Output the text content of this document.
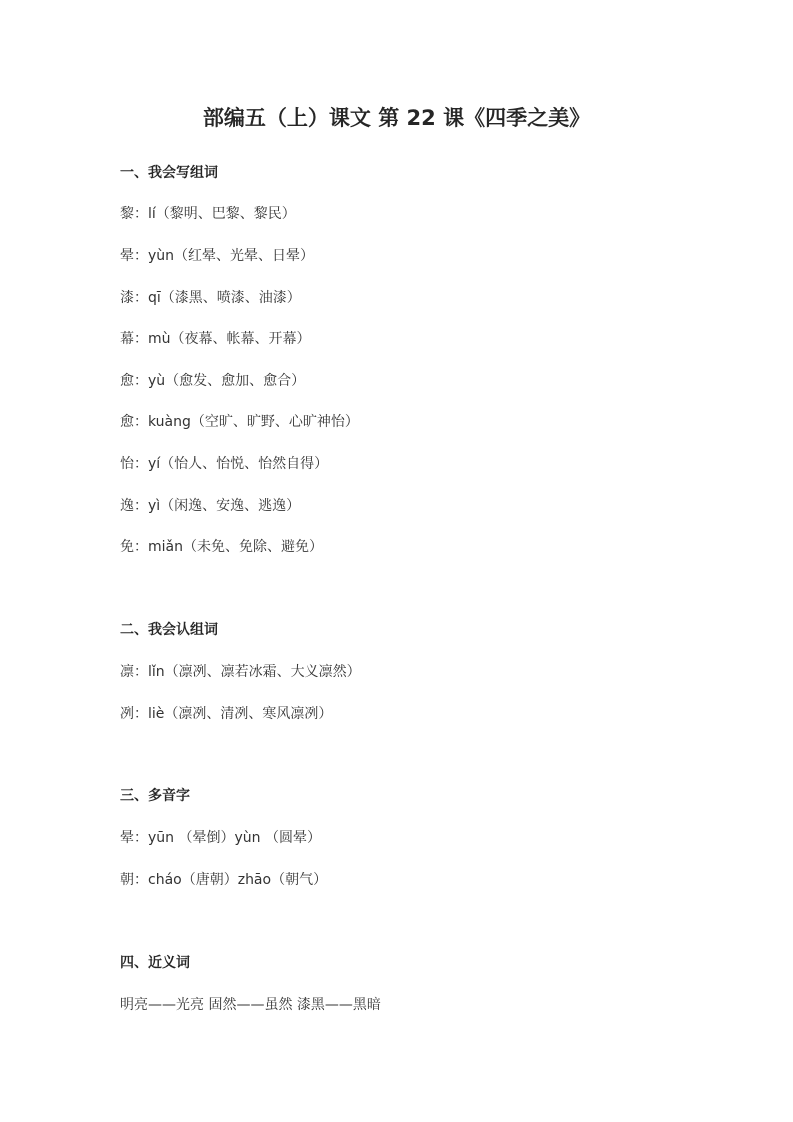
部编五（上）课文 第 22 课《四季之美》
一、我会写组词
黎：lí（黎明、巴黎、黎民）
晕：yùn（红晕、光晕、日晕）
漆：qī（漆黑、喷漆、油漆）
幕：mù（夜幕、帐幕、开幕）
愈：yù（愈发、愈加、愈合）
愈：kuàng（空旷、旷野、心旷神怡）
怡：yí（怡人、怡悦、怡然自得）
逸：yì（闲逸、安逸、逃逸）
免：miǎn（未免、免除、避免）
二、我会认组词
凛：lǐn（凛冽、凛若冰霜、大义凛然）
冽：liè（凛冽、清冽、寒风凛冽）
三、多音字
晕：yūn （晕倒）yùn （圆晕）
朝：cháo（唐朝）zhāo（朝气）
四、近义词
明亮——光亮 固然——虽然 漆黑——黑暗
